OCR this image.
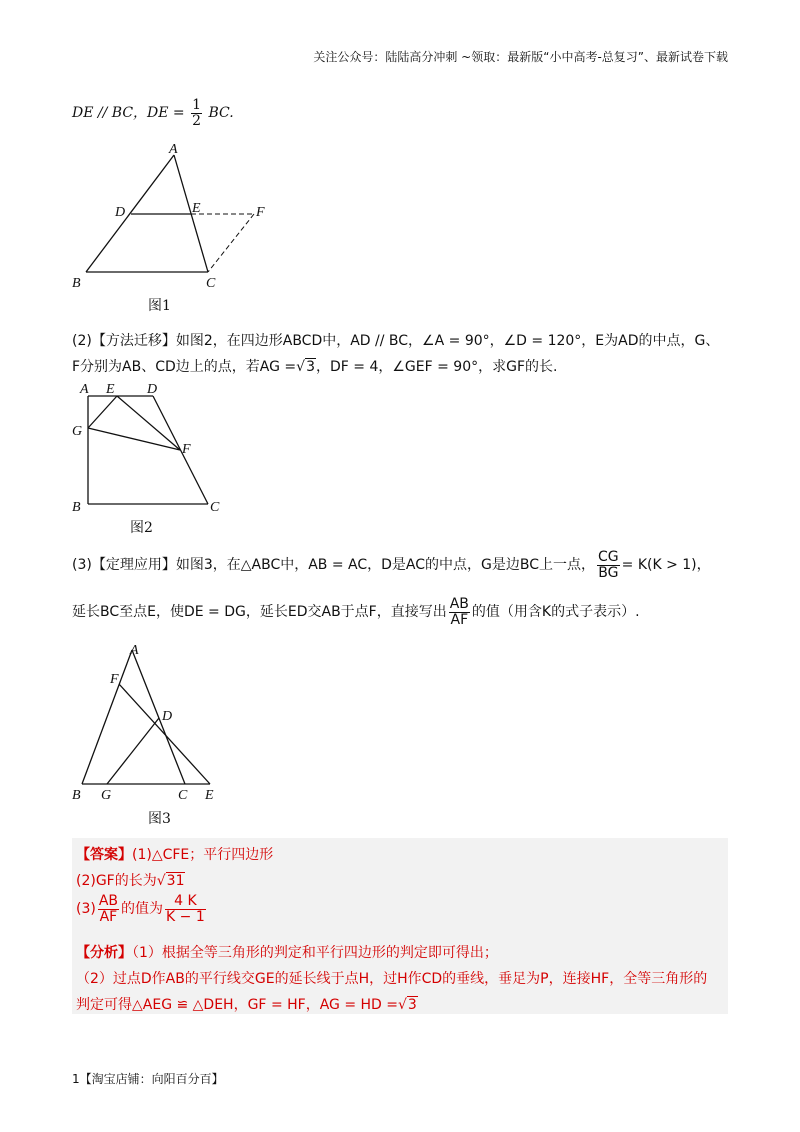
关注公众号：陆陆高分冲刺 ~领取：最新版“小中高考-总复习”、最新试卷下载
DE // BC，DE = $\frac{1}{2}$ BC.
A
D	E	F
B	C
图1
(2)【方法迁移】如图2，在四边形ABCD中，AD // BC，∠A = 90°，∠D = 120°，E为AD的中点，G、
F分别为AB、CD边上的点，若AG =√3，DF = 4，∠GEF = 90°，求GF的长.
A E D
G
F
B	C
图2
(3)【定理应用】如图3，在△ABC中，AB = AC，D是AC的中点，G是边BC上一点， $\frac{CG}{BG} = K(K > 1)$，
延长BC至点E，使DE = DG，延长ED交AB于点F，直接写出 $\frac{AB}{AF}$ 的值（用含K的式子表示）.
A
F
D
B G	C E
图3
【答案】(1)△CFE；平行四边形
(2)GF的长为√31
$(3) \frac{AB}{AF}$ 的值为 $\frac{4 K}{K - 1}$
【分析】（1）根据全等三角形的判定和平行四边形的判定即可得出；
（2）过点D作AB的平行线交GE的延长线于点H，过H作CD的垂线，垂足为P，连接HF，全等三角形的
判定可得△AEG ≌ △DEH，GF = HF，AG = HD =√3
1【淘宝店铺：向阳百分百】
